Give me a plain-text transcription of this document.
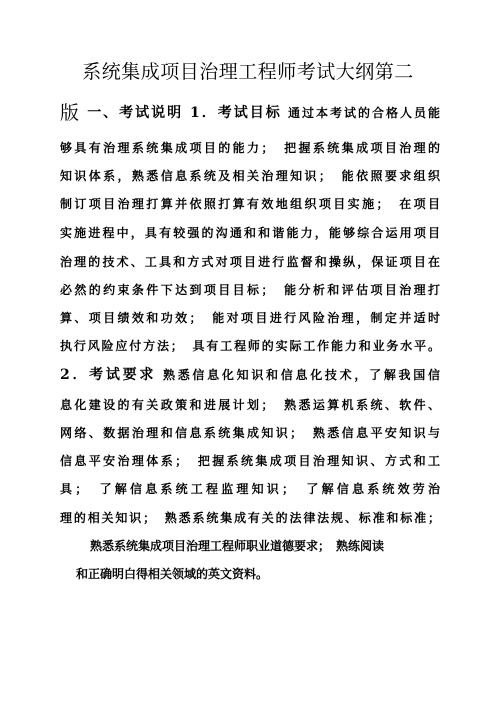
系统集成项目治理工程师考试大纲第二
版 一、考试说明 1．考试目标 通过本考试的合格人员能
够具有治理系统集成项目的能力；　把握系统集成项目治理的
知识体系，熟悉信息系统及相关治理知识；　能依照要求组织
制订项目治理打算并依照打算有效地组织项目实施；　在项目
实施进程中，具有较强的沟通和和谐能力，能够综合运用项目
治理的技术、工具和方式对项目进行监督和操纵，保证项目在
必然的约束条件下达到项目目标；　能分析和评估项目治理打
算、项目绩效和功效；　能对项目进行风险治理，制定并适时
执行风险应付方法；　具有工程师的实际工作能力和业务水平。
2．考试要求 熟悉信息化知识和信息化技术，了解我国信
息化建设的有关政策和进展计划；　熟悉运算机系统、软件、
网络、数据治理和信息系统集成知识；　熟悉信息平安知识与
信息平安治理体系；　把握系统集成项目治理知识、方式和工
具；　了解信息系统工程监理知识；　了解信息系统效劳治
理的相关知识；　熟悉系统集成有关的法律法规、标准和标准；
熟悉系统集成项目治理工程师职业道德要求；　熟练阅读
和正确明白得相关领域的英文资料。
